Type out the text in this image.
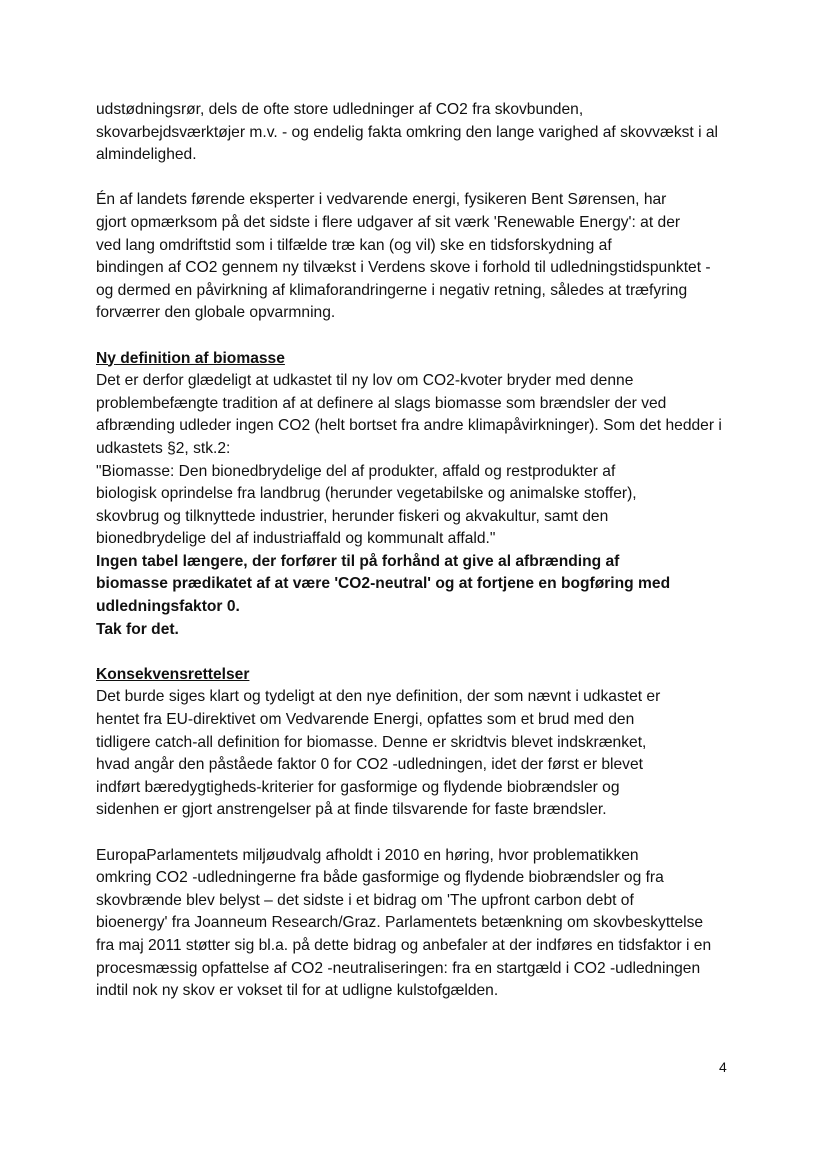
udstødningsrør, dels de ofte store udledninger af CO2 fra skovbunden,
skovarbejdsværktøjer m.v. - og endelig fakta omkring den lange varighed af skovvækst i al
almindelighed.
Én af landets førende eksperter i vedvarende energi, fysikeren Bent Sørensen, har
gjort opmærksom på det sidste i flere udgaver af sit værk 'Renewable Energy': at der
ved lang omdriftstid som i tilfælde træ kan (og vil) ske en tidsforskydning af
bindingen af CO2 gennem ny tilvækst i Verdens skove i forhold til udledningstidspunktet -
og dermed en påvirkning af klimaforandringerne i negativ retning, således at træfyring
forværrer den globale opvarmning.
Ny definition af biomasse
Det er derfor glædeligt at udkastet til ny lov om CO2-kvoter bryder med denne
problembefængte tradition af at definere al slags biomasse som brændsler der ved
afbrænding udleder ingen CO2 (helt bortset fra andre klimapåvirkninger). Som det hedder i
udkastets §2, stk.2:
"Biomasse: Den bionedbrydelige del af produkter, affald og restprodukter af
biologisk oprindelse fra landbrug (herunder vegetabilske og animalske stoffer),
skovbrug og tilknyttede industrier, herunder fiskeri og akvakultur, samt den
bionedbrydelige del af industriaffald og kommunalt affald."
Ingen tabel længere, der forfører til på forhånd at give al afbrænding af
biomasse prædikatet af at være 'CO2-neutral' og at fortjene en bogføring med
udledningsfaktor 0.
Tak for det.
Konsekvensrettelser
Det burde siges klart og tydeligt at den nye definition, der som nævnt i udkastet er
hentet fra EU-direktivet om Vedvarende Energi, opfattes som et brud med den
tidligere catch-all definition for biomasse. Denne er skridtvis blevet indskrænket,
hvad angår den påståede faktor 0 for CO2 -udledningen, idet der først er blevet
indført bæredygtigheds-kriterier for gasformige og flydende biobrændsler og
sidenhen er gjort anstrengelser på at finde tilsvarende for faste brændsler.
EuropaParlamentets miljøudvalg afholdt i 2010 en høring, hvor problematikken
omkring CO2 -udledningerne fra både gasformige og flydende biobrændsler og fra
skovbrænde blev belyst – det sidste i et bidrag om 'The upfront carbon debt of
bioenergy' fra Joanneum Research/Graz. Parlamentets betænkning om skovbeskyttelse
fra maj 2011 støtter sig bl.a. på dette bidrag og anbefaler at der indføres en tidsfaktor i en
procesmæssig opfattelse af CO2 -neutraliseringen: fra en startgæld i CO2 -udledningen
indtil nok ny skov er vokset til for at udligne kulstofgælden.
4
